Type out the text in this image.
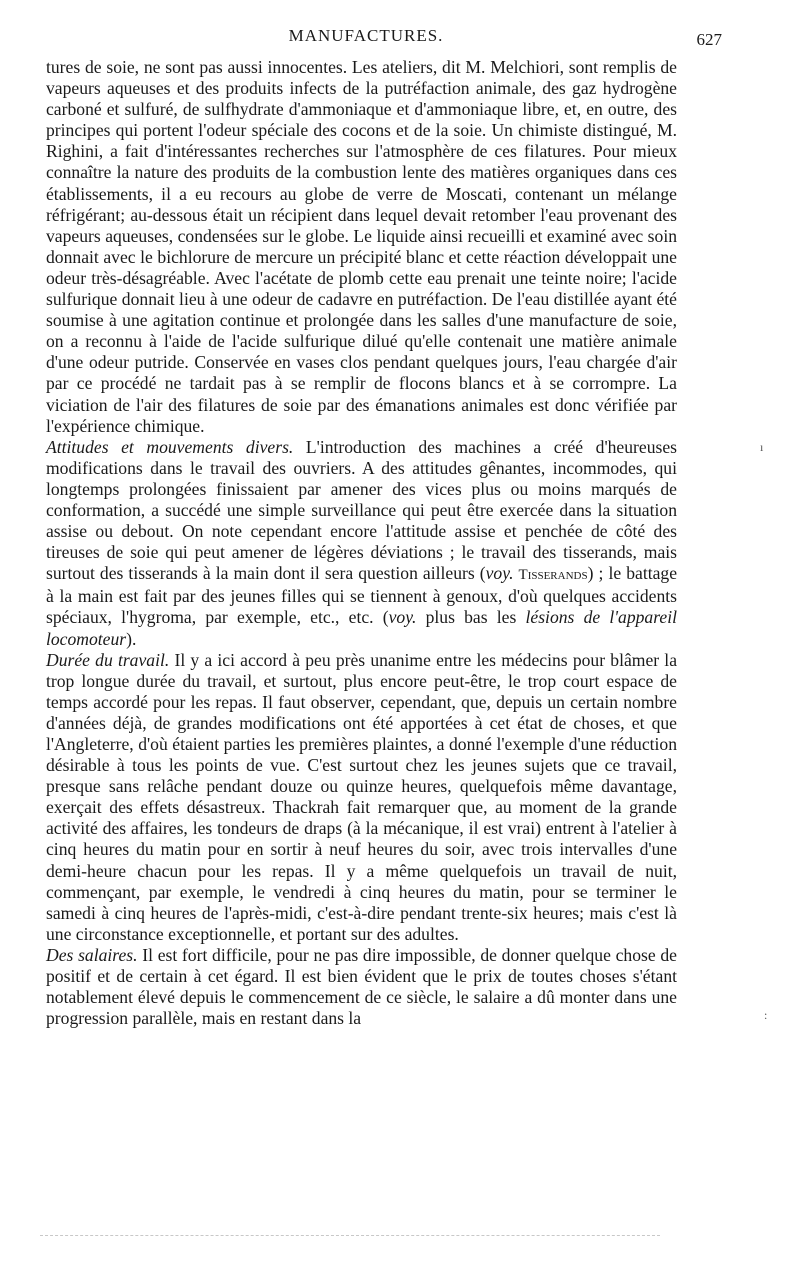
MANUFACTURES.	627

tures de soie, ne sont pas aussi innocentes. Les ateliers, dit M. Melchiori, sont remplis de vapeurs aqueuses et des produits infects de la putréfaction animale, des gaz hydrogène carboné et sulfuré, de sulfhydrate d'ammoniaque et d'ammoniaque libre, et, en outre, des principes qui portent l'odeur spéciale des cocons et de la soie. Un chimiste distingué, M. Righini, a fait d'intéressantes recherches sur l'atmosphère de ces filatures. Pour mieux connaître la nature des produits de la combustion lente des matières organiques dans ces établissements, il a eu recours au globe de verre de Moscati, contenant un mélange réfrigérant; au-dessous était un récipient dans lequel devait retomber l'eau provenant des vapeurs aqueuses, condensées sur le globe. Le liquide ainsi recueilli et examiné avec soin donnait avec le bichlorure de mercure un précipité blanc et cette réaction développait une odeur très-désagréable. Avec l'acétate de plomb cette eau prenait une teinte noire; l'acide sulfurique donnait lieu à une odeur de cadavre en putréfaction. De l'eau distillée ayant été soumise à une agitation continue et prolongée dans les salles d'une manufacture de soie, on a reconnu à l'aide de l'acide sulfurique dilué qu'elle contenait une matière animale d'une odeur putride. Conservée en vases clos pendant quelques jours, l'eau chargée d'air par ce procédé ne tardait pas à se remplir de flocons blancs et à se corrompre. La viciation de l'air des filatures de soie par des émanations animales est donc vérifiée par l'expérience chimique.

Attitudes et mouvements divers. L'introduction des machines a créé d'heureuses modifications dans le travail des ouvriers. A des attitudes gênantes, incommodes, qui longtemps prolongées finissaient par amener des vices plus ou moins marqués de conformation, a succédé une simple surveillance qui peut être exercée dans la situation assise ou debout. On note cependant encore l'attitude assise et penchée de côté des tireuses de soie qui peut amener de légères déviations ; le travail des tisserands, mais surtout des tisserands à la main dont il sera question ailleurs (voy. Tisserands) ; le battage à la main est fait par des jeunes filles qui se tiennent à genoux, d'où quelques accidents spéciaux, l'hygroma, par exemple, etc., etc. (voy. plus bas les lésions de l'appareil locomoteur).

Durée du travail. Il y a ici accord à peu près unanime entre les médecins pour blâmer la trop longue durée du travail, et surtout, plus encore peut-être, le trop court espace de temps accordé pour les repas. Il faut observer, cependant, que, depuis un certain nombre d'années déjà, de grandes modifications ont été apportées à cet état de choses, et que l'Angleterre, d'où étaient parties les premières plaintes, a donné l'exemple d'une réduction désirable à tous les points de vue. C'est surtout chez les jeunes sujets que ce travail, presque sans relâche pendant douze ou quinze heures, quelquefois même davantage, exerçait des effets désastreux. Thackrah fait remarquer que, au moment de la grande activité des affaires, les tondeurs de draps (à la mécanique, il est vrai) entrent à l'atelier à cinq heures du matin pour en sortir à neuf heures du soir, avec trois intervalles d'une demi-heure chacun pour les repas. Il y a même quelquefois un travail de nuit, commençant, par exemple, le vendredi à cinq heures du matin, pour se terminer le samedi à cinq heures de l'après-midi, c'est-à-dire pendant trente-six heures; mais c'est là une circonstance exceptionnelle, et portant sur des adultes.

Des salaires. Il est fort difficile, pour ne pas dire impossible, de donner quelque chose de positif et de certain à cet égard. Il est bien évident que le prix de toutes choses s'étant notablement élevé depuis le commencement de ce siècle, le salaire a dû monter dans une progression parallèle, mais en restant dans la

ı
:
